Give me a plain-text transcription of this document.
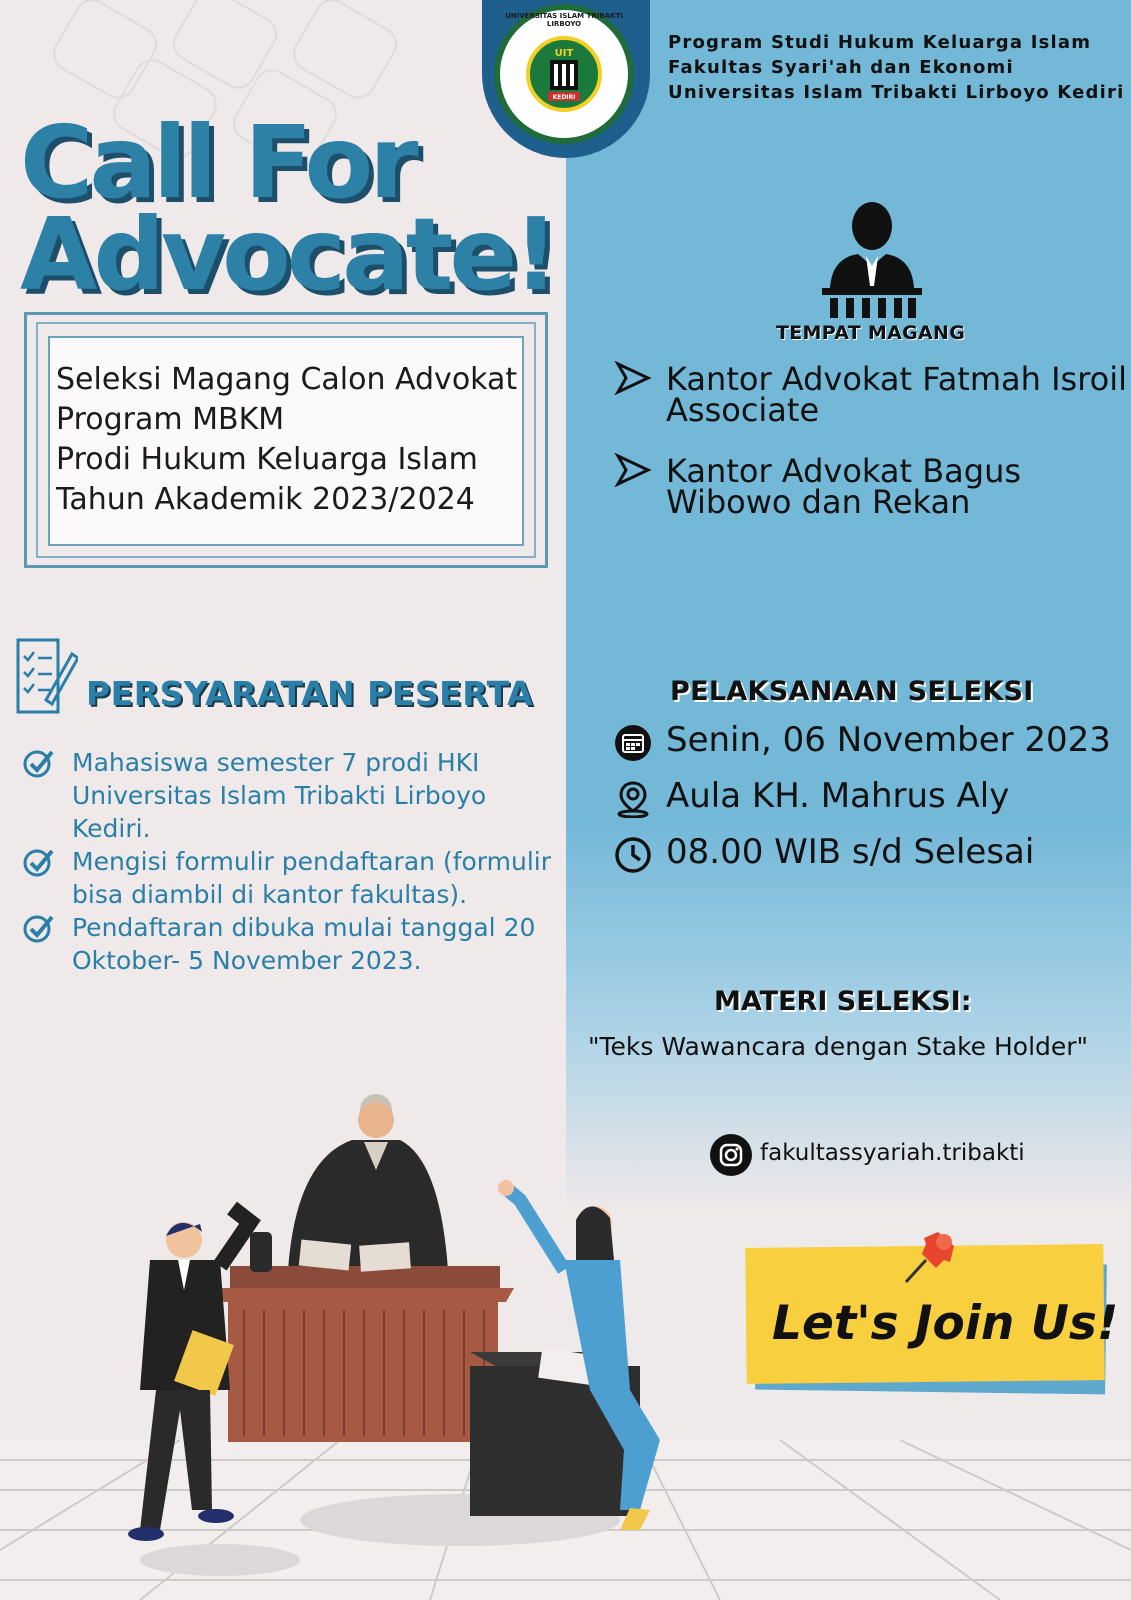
UNIVERSITAS ISLAM TRIBAKTI LIRBOYO
UIT
KEDIRI
Program Studi Hukum Keluarga Islam
Fakultas Syari'ah dan Ekonomi
Universitas Islam Tribakti Lirboyo Kediri
Call For
Advocate!
Seleksi Magang Calon Advokat
Program MBKM
Prodi Hukum Keluarga Islam
Tahun Akademik 2023/2024
PERSYARATAN PESERTA
Mahasiswa semester 7 prodi HKI Universitas Islam Tribakti Lirboyo Kediri.
Mengisi formulir pendaftaran (formulir bisa diambil di kantor fakultas).
Pendaftaran dibuka mulai tanggal 20 Oktober- 5 November 2023.
TEMPAT MAGANG
Kantor Advokat Fatmah Isroil Associate
Kantor Advokat Bagus Wibowo dan Rekan
PELAKSANAAN SELEKSI
Senin, 06 November 2023
Aula KH. Mahrus Aly
08.00 WIB s/d Selesai
MATERI SELEKSI:
"Teks Wawancara dengan Stake Holder"
fakultassyariah.tribakti
Let's Join Us!
